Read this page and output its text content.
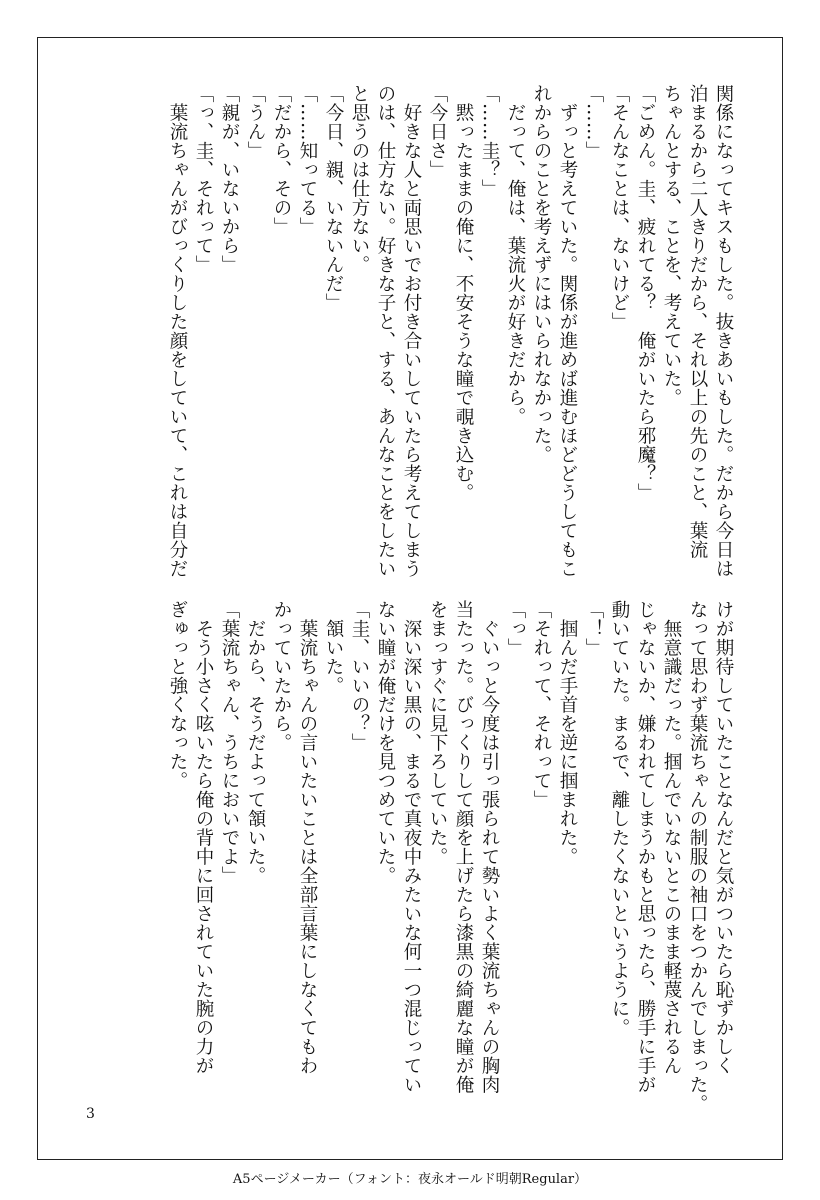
関係になってキスもした。抜きあいもした。だから今日は

泊まるから二人きりだから、それ以上の先のこと、葉流

ちゃんとする、ことを、考えていた。

「ごめん。圭、疲れてる？　俺がいたら邪魔？」

「そんなことは、ないけど」

「……」

　ずっと考えていた。関係が進めば進むほどどうしてもこ

れからのことを考えずにはいられなかった。

　だって、俺は、葉流火が好きだから。

「……圭？」

　黙ったままの俺に、不安そうな瞳で覗き込む。

「今日さ」

　好きな人と両思いでお付き合いしていたら考えてしまう

のは、仕方ない。好きな子と、する、あんなことをしたい

と思うのは仕方ない。

「今日、親、いないんだ」

「……知ってる」

「だから、その」

「うん」

「親が、いないから」

「っ、圭、それって」

　葉流ちゃんがびっくりした顔をしていて、これは自分だ

けが期待していたことなんだと気がついたら恥ずかしく

なって思わず葉流ちゃんの制服の袖口をつかんでしまった。

　無意識だった。掴んでいないとこのまま軽蔑されるん

じゃないか、嫌われてしまうかもと思ったら、勝手に手が

動いていた。まるで、離したくないというように。

「！」

　掴んだ手首を逆に掴まれた。

「それって、それって」

「っ」

　ぐいっと今度は引っ張られて勢いよく葉流ちゃんの胸肉

当たった。びっくりして顔を上げたら漆黒の綺麗な瞳が俺

をまっすぐに見下ろしていた。

　深い深い黒の、まるで真夜中みたいな何一つ混じってい

ない瞳が俺だけを見つめていた。

「圭、いいの？」

　頷いた。

　葉流ちゃんの言いたいことは全部言葉にしなくてもわ

かっていたから。

　だから、そうだよって頷いた。

「葉流ちゃん、うちにおいでよ」

　そう小さく呟いたら俺の背中に回されていた腕の力が

ぎゅっと強くなった。

3
A5ページメーカー（フォント：夜永オールド明朝Regular）
